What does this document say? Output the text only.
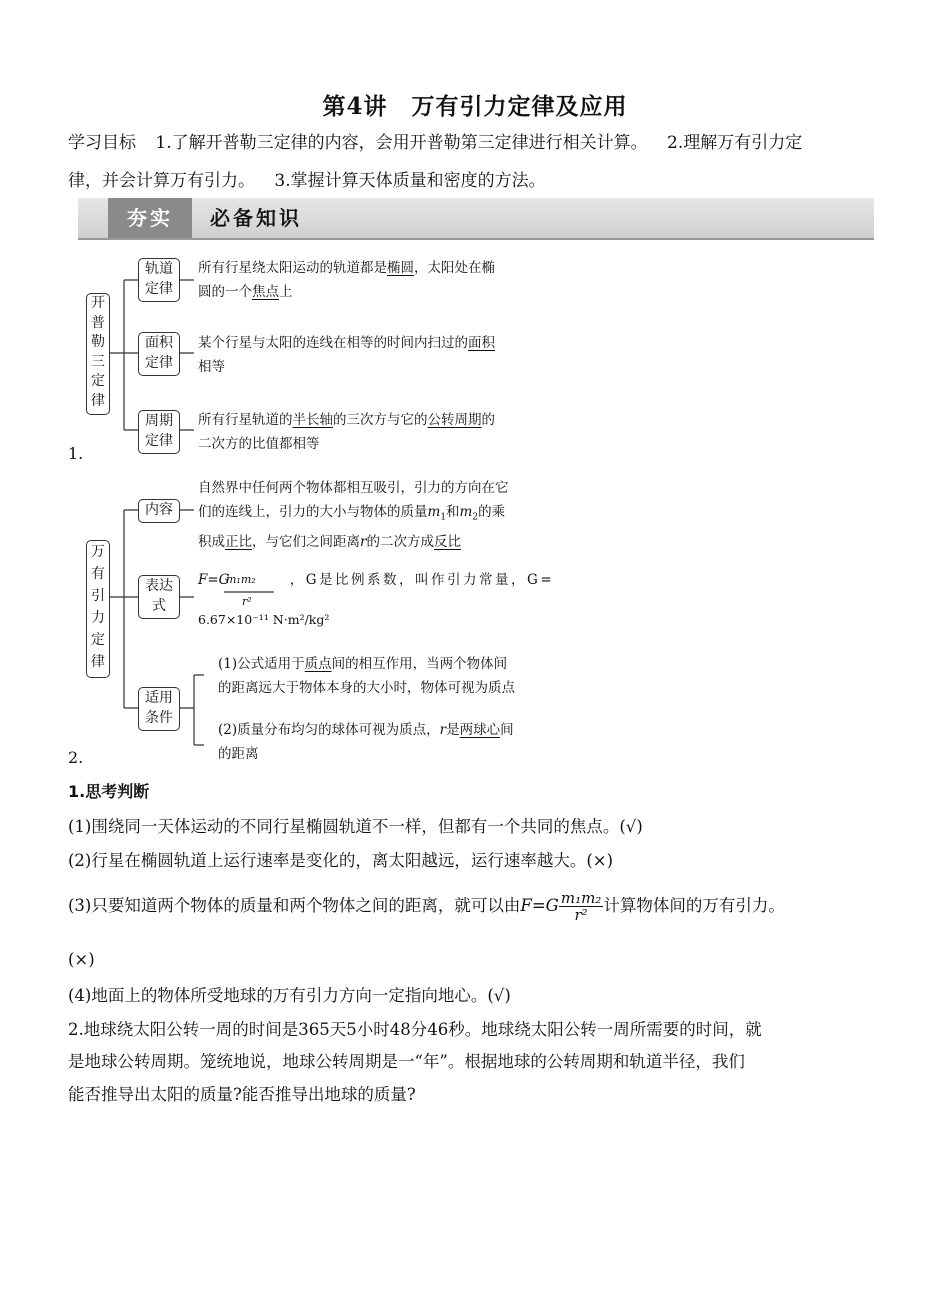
第4讲　万有引力定律及应用
学习目标 1.了解开普勒三定律的内容，会用开普勒第三定律进行相关计算。 2.理解万有引力定
律，并会计算万有引力。 3.掌握计算天体质量和密度的方法。
夯实	必备知识
1.
开
普
勒
三
定
律
轨道
定律
面积
定律
周期
定律
所有行星绕太阳运动的轨道都是椭圆，太阳处在椭
圆的一个焦点上
某个行星与太阳的连线在相等的时间内扫过的面积
相等
所有行星轨道的半长轴的三次方与它的公转周期的
二次方的比值都相等
2.
万
有
引
力
定
律
内容
表达
式
适用
条件
自然界中任何两个物体都相互吸引，引力的方向在它
们的连线上，引力的大小与物体的质量$m_1$和$m_2$的乘
积成正比，与它们之间距离r的二次方成反比
F=G
m₁m₂
r²
，G是比例系数，叫作引力常量，G=
6.67×10⁻¹¹ N·m²/kg²
(1)公式适用于质点间的相互作用，当两个物体间
的距离远大于物体本身的大小时，物体可视为质点
(2)质量分布均匀的球体可视为质点，r是两球心间
的距离
1.思考判断
(1)围绕同一天体运动的不同行星椭圆轨道不一样，但都有一个共同的焦点。(√)
(2)行星在椭圆轨道上运行速率是变化的，离太阳越远，运行速率越大。(×)
(3)只要知道两个物体的质量和两个物体之间的距离，就可以由$F=G \frac{\text{m₁m₂}}{\text{r²}}$ 计算物体间的万有引力。
(×)
(4)地面上的物体所受地球的万有引力方向一定指向地心。(√)
2.地球绕太阳公转一周的时间是365天5小时48分46秒。地球绕太阳公转一周所需要的时间，就
是地球公转周期。笼统地说，地球公转周期是一“年”。根据地球的公转周期和轨道半径，我们
能否推导出太阳的质量?能否推导出地球的质量?
